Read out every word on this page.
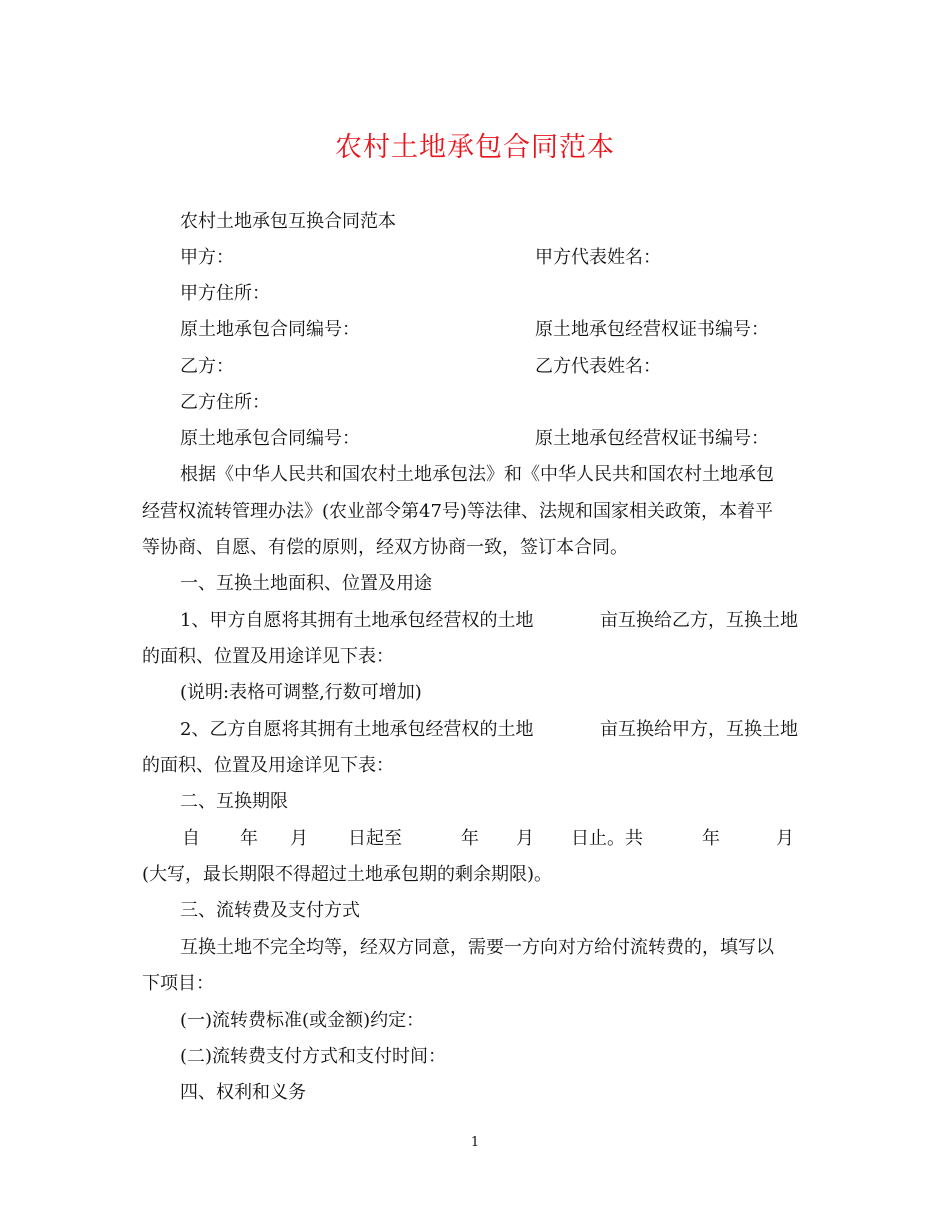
农村土地承包合同范本
农村土地承包互换合同范本
甲方：	甲方代表姓名：
甲方住所：
原土地承包合同编号：	原土地承包经营权证书编号：
乙方：	乙方代表姓名：
乙方住所：
原土地承包合同编号：	原土地承包经营权证书编号：
根据《中华人民共和国农村土地承包法》和《中华人民共和国农村土地承包
经营权流转管理办法》(农业部令第47号)等法律、法规和国家相关政策，本着平
等协商、自愿、有偿的原则，经双方协商一致，签订本合同。
一、互换土地面积、位置及用途
1、甲方自愿将其拥有土地承包经营权的土地	亩互换给乙方，互换土地
的面积、位置及用途详见下表：
(说明:表格可调整,行数可增加)
2、乙方自愿将其拥有土地承包经营权的土地	亩互换给甲方，互换土地
的面积、位置及用途详见下表：
二、互换期限
自 年 月 日起至	年 月 日止。共	年	月
(大写，最长期限不得超过土地承包期的剩余期限)。
三、流转费及支付方式
互换土地不完全均等，经双方同意，需要一方向对方给付流转费的，填写以
下项目：
(一)流转费标准(或金额)约定：
(二)流转费支付方式和支付时间：
四、权利和义务
1
